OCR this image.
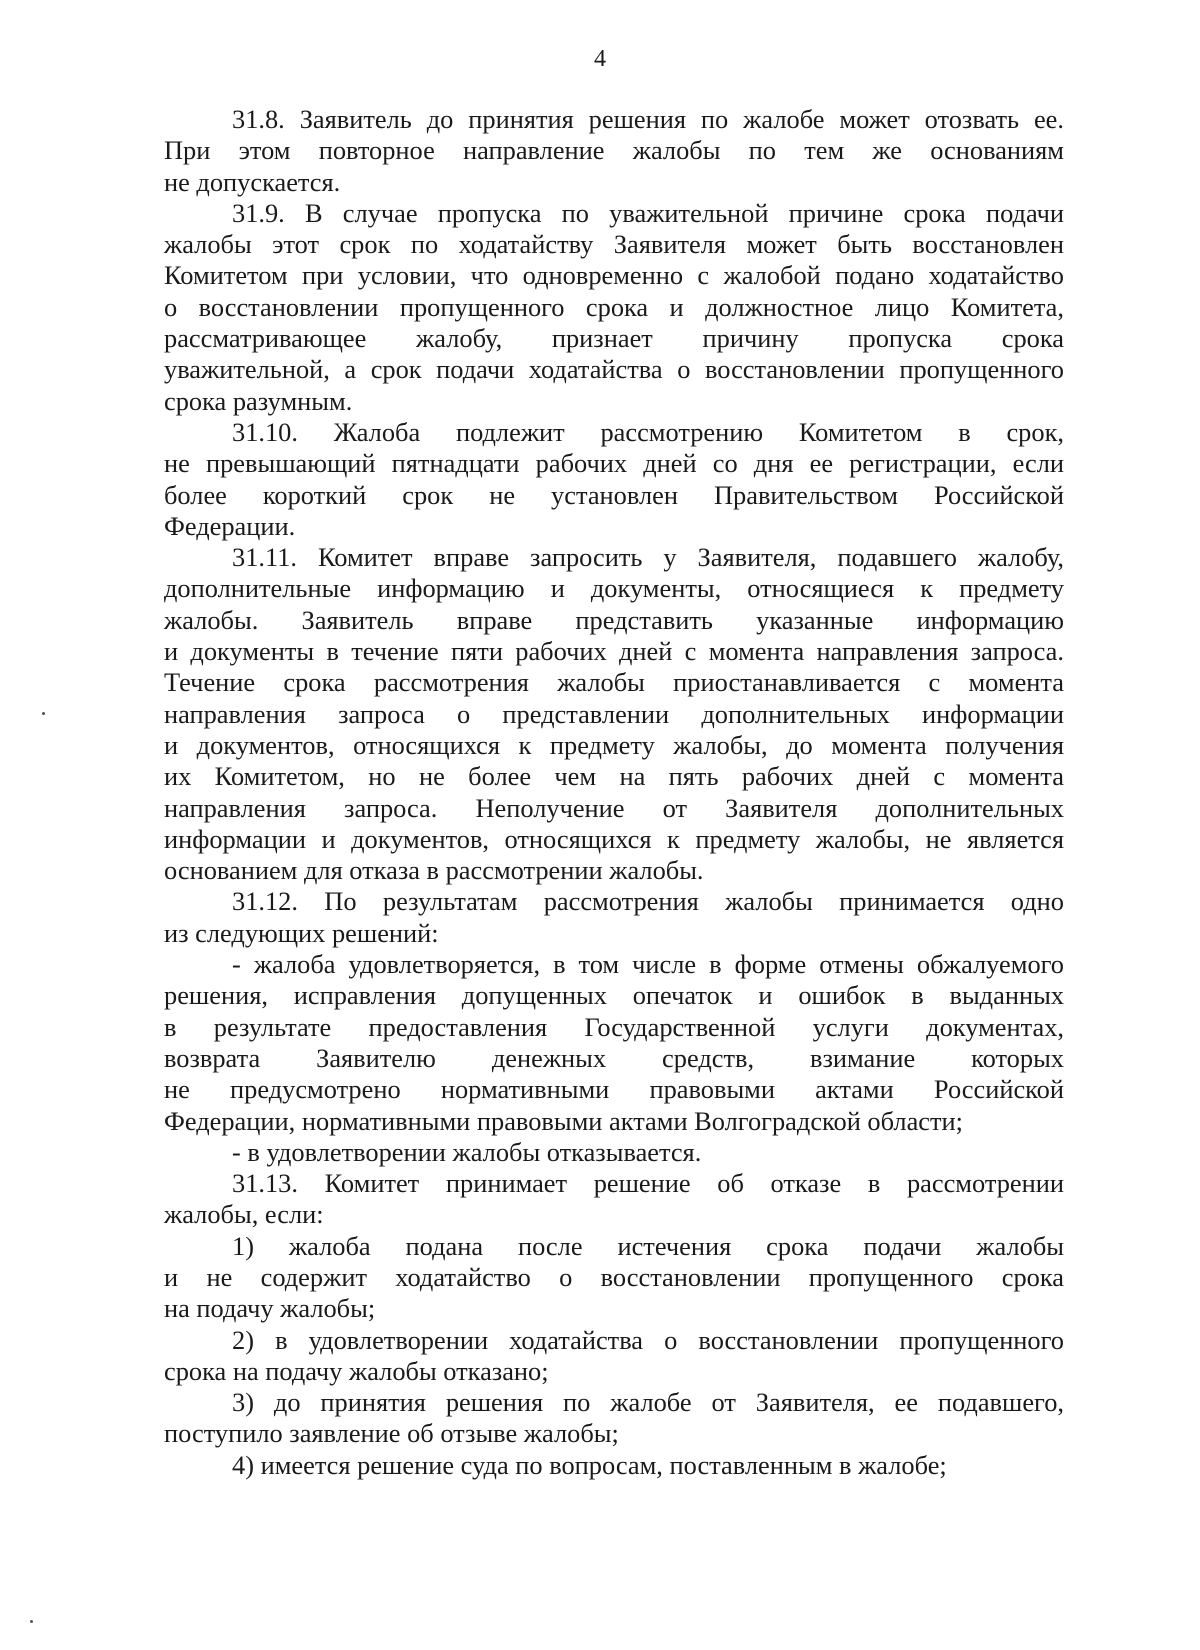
4
31.8. Заявитель до принятия решения по жалобе может отозвать ее.
При этом повторное направление жалобы по тем же основаниям
не допускается.
31.9. В случае пропуска по уважительной причине срока подачи
жалобы этот срок по ходатайству Заявителя может быть восстановлен
Комитетом при условии, что одновременно с жалобой подано ходатайство
о восстановлении пропущенного срока и должностное лицо Комитета,
рассматривающее жалобу, признает причину пропуска срока
уважительной, а срок подачи ходатайства о восстановлении пропущенного
срока разумным.
31.10. Жалоба подлежит рассмотрению Комитетом в срок,
не превышающий пятнадцати рабочих дней со дня ее регистрации, если
более короткий срок не установлен Правительством Российской
Федерации.
31.11. Комитет вправе запросить у Заявителя, подавшего жалобу,
дополнительные информацию и документы, относящиеся к предмету
жалобы. Заявитель вправе представить указанные информацию
и документы в течение пяти рабочих дней с момента направления запроса.
Течение срока рассмотрения жалобы приостанавливается с момента
направления запроса о представлении дополнительных информации
и документов, относящихся к предмету жалобы, до момента получения
их Комитетом, но не более чем на пять рабочих дней с момента
направления запроса. Неполучение от Заявителя дополнительных
информации и документов, относящихся к предмету жалобы, не является
основанием для отказа в рассмотрении жалобы.
31.12. По результатам рассмотрения жалобы принимается одно
из следующих решений:
- жалоба удовлетворяется, в том числе в форме отмены обжалуемого
решения, исправления допущенных опечаток и ошибок в выданных
в результате предоставления Государственной услуги документах,
возврата Заявителю денежных средств, взимание которых
не предусмотрено нормативными правовыми актами Российской
Федерации, нормативными правовыми актами Волгоградской области;
- в удовлетворении жалобы отказывается.
31.13. Комитет принимает решение об отказе в рассмотрении
жалобы, если:
1) жалоба подана после истечения срока подачи жалобы
и не содержит ходатайство о восстановлении пропущенного срока
на подачу жалобы;
2) в удовлетворении ходатайства о восстановлении пропущенного
срока на подачу жалобы отказано;
3) до принятия решения по жалобе от Заявителя, ее подавшего,
поступило заявление об отзыве жалобы;
4) имеется решение суда по вопросам, поставленным в жалобе;
